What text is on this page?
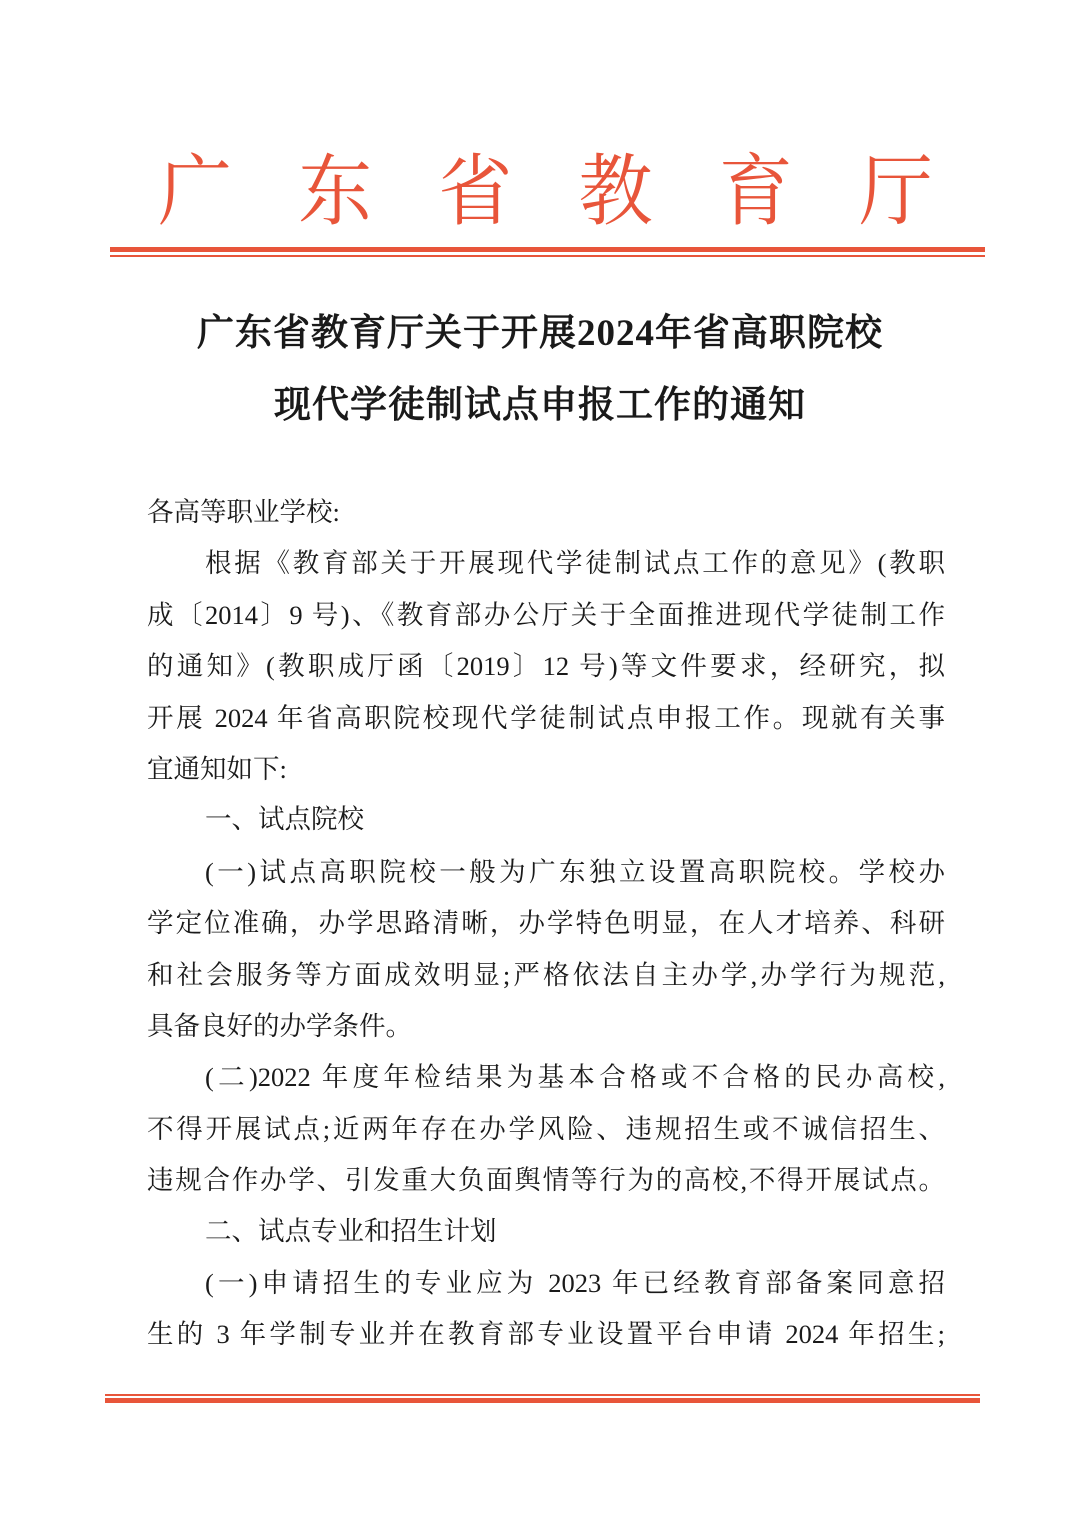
广 东 省 教 育 厅
广东省教育厅关于开展2024年省高职院校
现代学徒制试点申报工作的通知
各高等职业学校:
根据《教育部关于开展现代学徒制试点工作的意见》(教职
成〔2014〕9 号)、《教育部办公厅关于全面推进现代学徒制工作
的通知》(教职成厅函〔2019〕12 号)等文件要求，经研究，拟
开展 2024 年省高职院校现代学徒制试点申报工作。现就有关事
宜通知如下:
一、试点院校
(一)试点高职院校一般为广东独立设置高职院校。学校办
学定位准确，办学思路清晰，办学特色明显，在人才培养、科研
和社会服务等方面成效明显;严格依法自主办学,办学行为规范,
具备良好的办学条件。
(二)2022 年度年检结果为基本合格或不合格的民办高校,
不得开展试点;近两年存在办学风险、违规招生或不诚信招生、
违规合作办学、引发重大负面舆情等行为的高校,不得开展试点。
二、试点专业和招生计划
(一)申请招生的专业应为 2023 年已经教育部备案同意招
生的 3 年学制专业并在教育部专业设置平台申请 2024 年招生;
